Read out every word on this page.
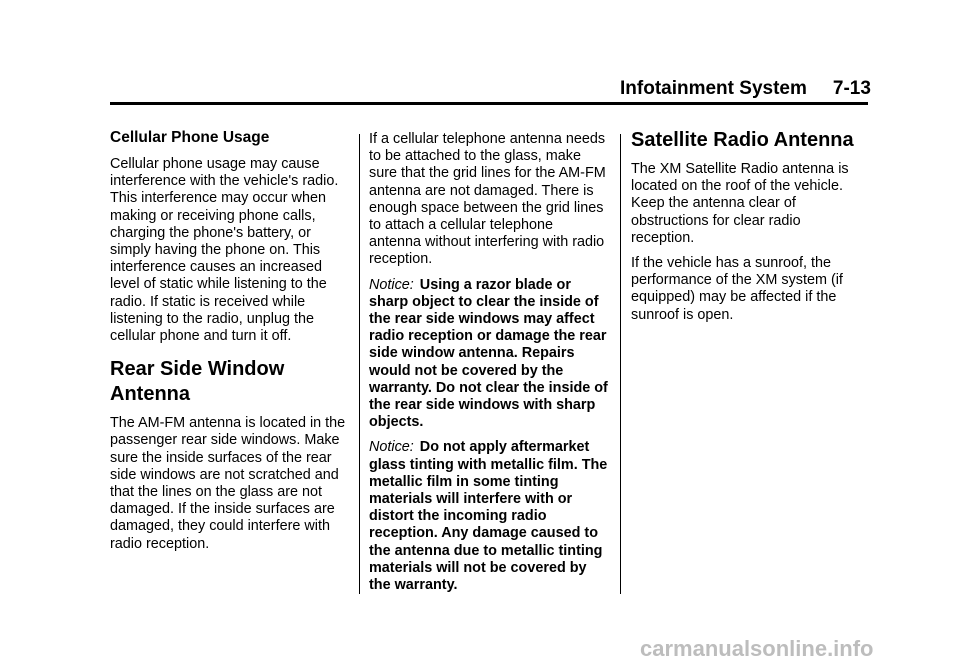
Infotainment System 7-13
Cellular Phone Usage

Cellular phone usage may cause interference with the vehicle's radio. This interference may occur when making or receiving phone calls, charging the phone's battery, or simply having the phone on. This interference causes an increased level of static while listening to the radio. If static is received while listening to the radio, unplug the cellular phone and turn it off.

Rear Side Window Antenna

The AM-FM antenna is located in the passenger rear side windows. Make sure the inside surfaces of the rear side windows are not scratched and that the lines on the glass are not damaged. If the inside surfaces are damaged, they could interfere with radio reception.

If a cellular telephone antenna needs to be attached to the glass, make sure that the grid lines for the AM-FM antenna are not damaged. There is enough space between the grid lines to attach a cellular telephone antenna without interfering with radio reception.

Notice: Using a razor blade or sharp object to clear the inside of the rear side windows may affect radio reception or damage the rear side window antenna. Repairs would not be covered by the warranty. Do not clear the inside of the rear side windows with sharp objects.

Notice: Do not apply aftermarket glass tinting with metallic film. The metallic film in some tinting materials will interfere with or distort the incoming radio reception. Any damage caused to the antenna due to metallic tinting materials will not be covered by the warranty.

Satellite Radio Antenna

The XM Satellite Radio antenna is located on the roof of the vehicle. Keep the antenna clear of obstructions for clear radio reception.

If the vehicle has a sunroof, the performance of the XM system (if equipped) may be affected if the sunroof is open.

carmanualsonline.info
